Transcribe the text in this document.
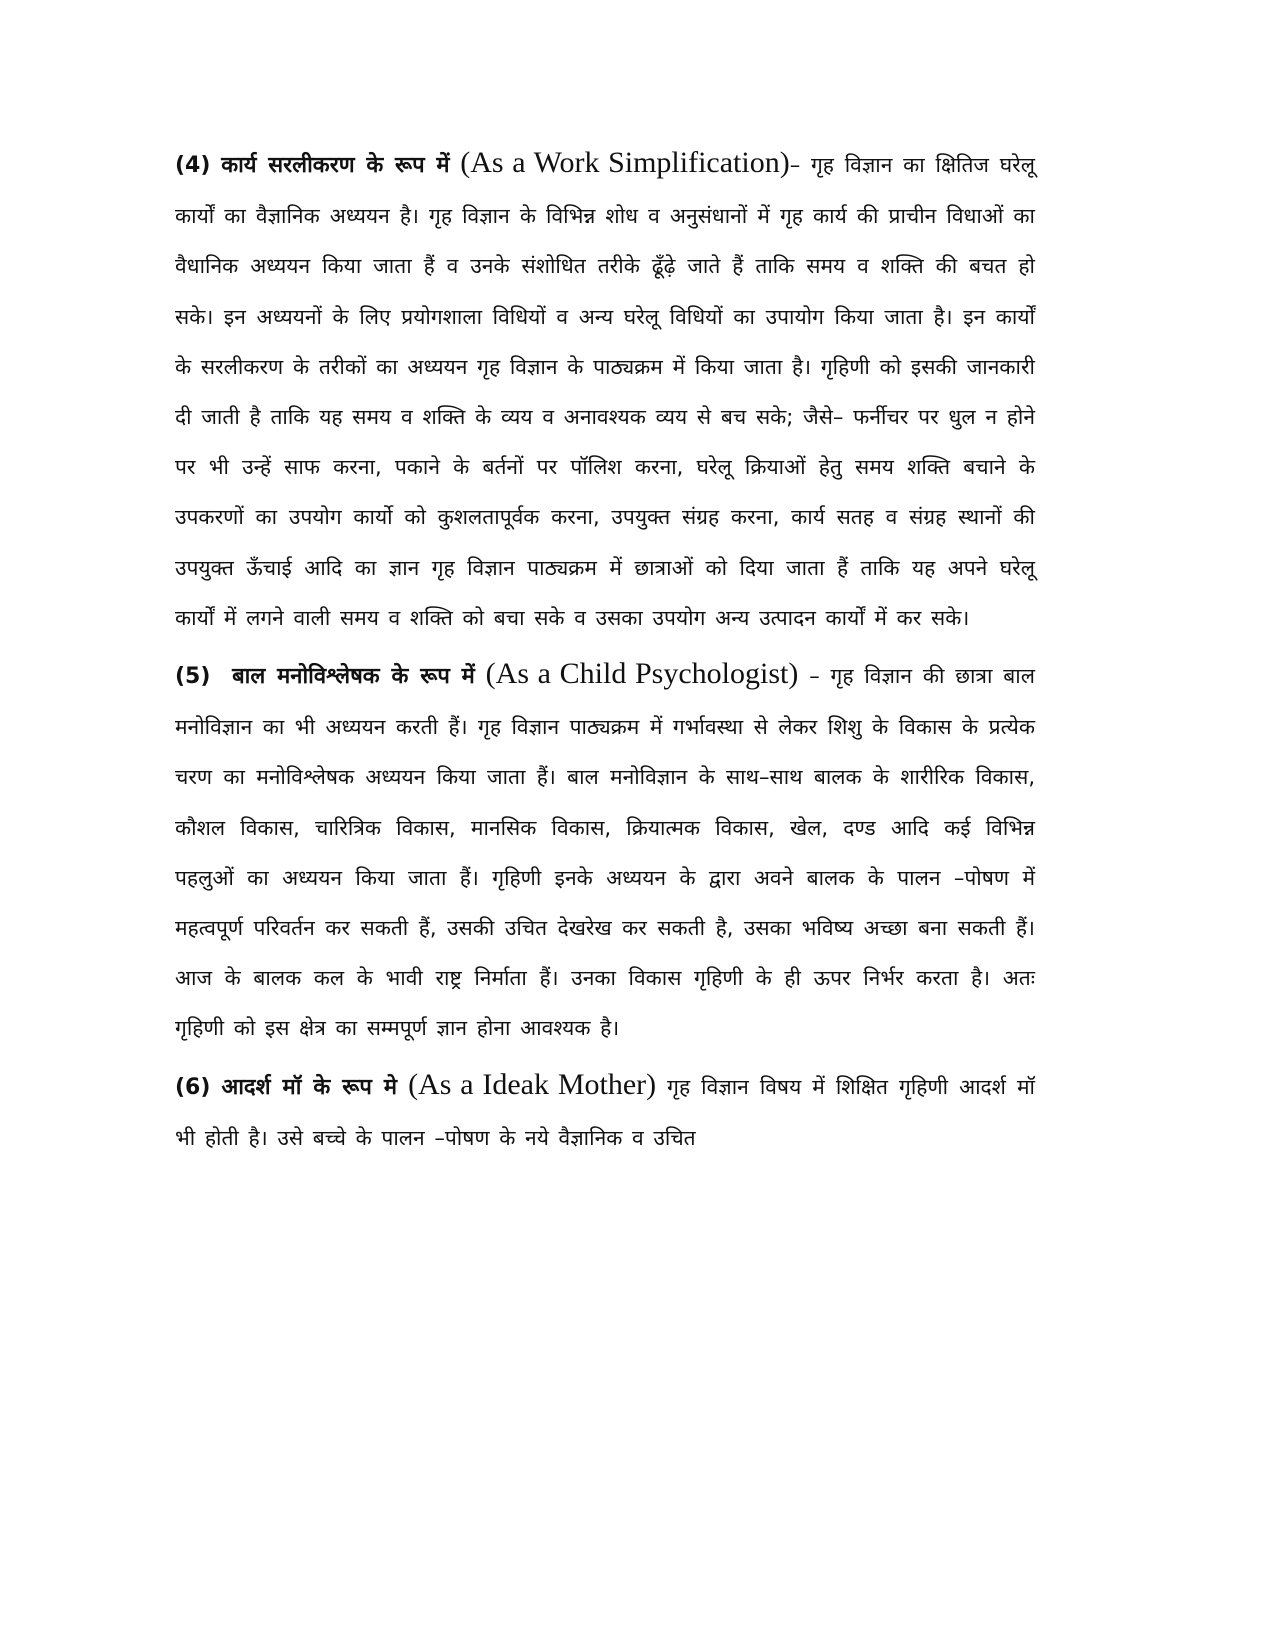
(4) कार्य सरलीकरण के रूप में (As a Work Simplification)– गृह विज्ञान का क्षितिज घरेलू कार्यों का वैज्ञानिक अध्ययन है। गृह विज्ञान के विभिन्न शोध व अनुसंधानों में गृह कार्य की प्राचीन विधाओं का वैधानिक अध्ययन किया जाता हैं व उनके संशोधित तरीके ढूँढ़े जाते हैं ताकि समय व शक्ति की बचत हो सके। इन अध्ययनों के लिए प्रयोगशाला विधियों व अन्य घरेलू विधियों का उपायोग किया जाता है। इन कार्यों के सरलीकरण के तरीकों का अध्ययन गृह विज्ञान के पाठ्यक्रम में किया जाता है। गृहिणी को इसकी जानकारी दी जाती है ताकि यह समय व शक्ति के व्यय व अनावश्यक व्यय से बच सके; जैसे– फर्नीचर पर धुल न होने पर भी उन्हें साफ करना, पकाने के बर्तनों पर पॉलिश करना, घरेलू क्रियाओं हेतु समय शक्ति बचाने के उपकरणों का उपयोग कार्यो को कुशलतापूर्वक करना, उपयुक्त संग्रह करना, कार्य सतह व संग्रह स्थानों की उपयुक्त ऊँचाई आदि का ज्ञान गृह विज्ञान पाठ्यक्रम में छात्राओं को दिया जाता हैं ताकि यह अपने घरेलू कार्यों में लगने वाली समय व शक्ति को बचा सके व उसका उपयोग अन्य उत्पादन कार्यों में कर सके।

(5) बाल मनोविश्लेषक के रूप में (As a Child Psychologist) – गृह विज्ञान की छात्रा बाल मनोविज्ञान का भी अध्ययन करती हैं। गृह विज्ञान पाठ्यक्रम में गर्भावस्था से लेकर शिशु के विकास के प्रत्येक चरण का मनोविश्लेषक अध्ययन किया जाता हैं। बाल मनोविज्ञान के साथ–साथ बालक के शारीरिक विकास, कौशल विकास, चारित्रिक विकास, मानसिक विकास, क्रियात्मक विकास, खेल, दण्ड आदि कई विभिन्न पहलुओं का अध्ययन किया जाता हैं। गृहिणी इनके अध्ययन के द्वारा अवने बालक के पालन –पोषण में महत्वपूर्ण परिवर्तन कर सकती हैं, उसकी उचित देखरेख कर सकती है, उसका भविष्य अच्छा बना सकती हैं। आज के बालक कल के भावी राष्ट्र निर्माता हैं। उनका विकास गृहिणी के ही ऊपर निर्भर करता है। अतः गृहिणी को इस क्षेत्र का सम्मपूर्ण ज्ञान होना आवश्यक है।

(6) आदर्श मॉ के रूप मे (As a Ideak Mother) गृह विज्ञान विषय में शिक्षित गृहिणी आदर्श मॉ भी होती है। उसे बच्चे के पालन –पोषण के नये वैज्ञानिक व उचित
